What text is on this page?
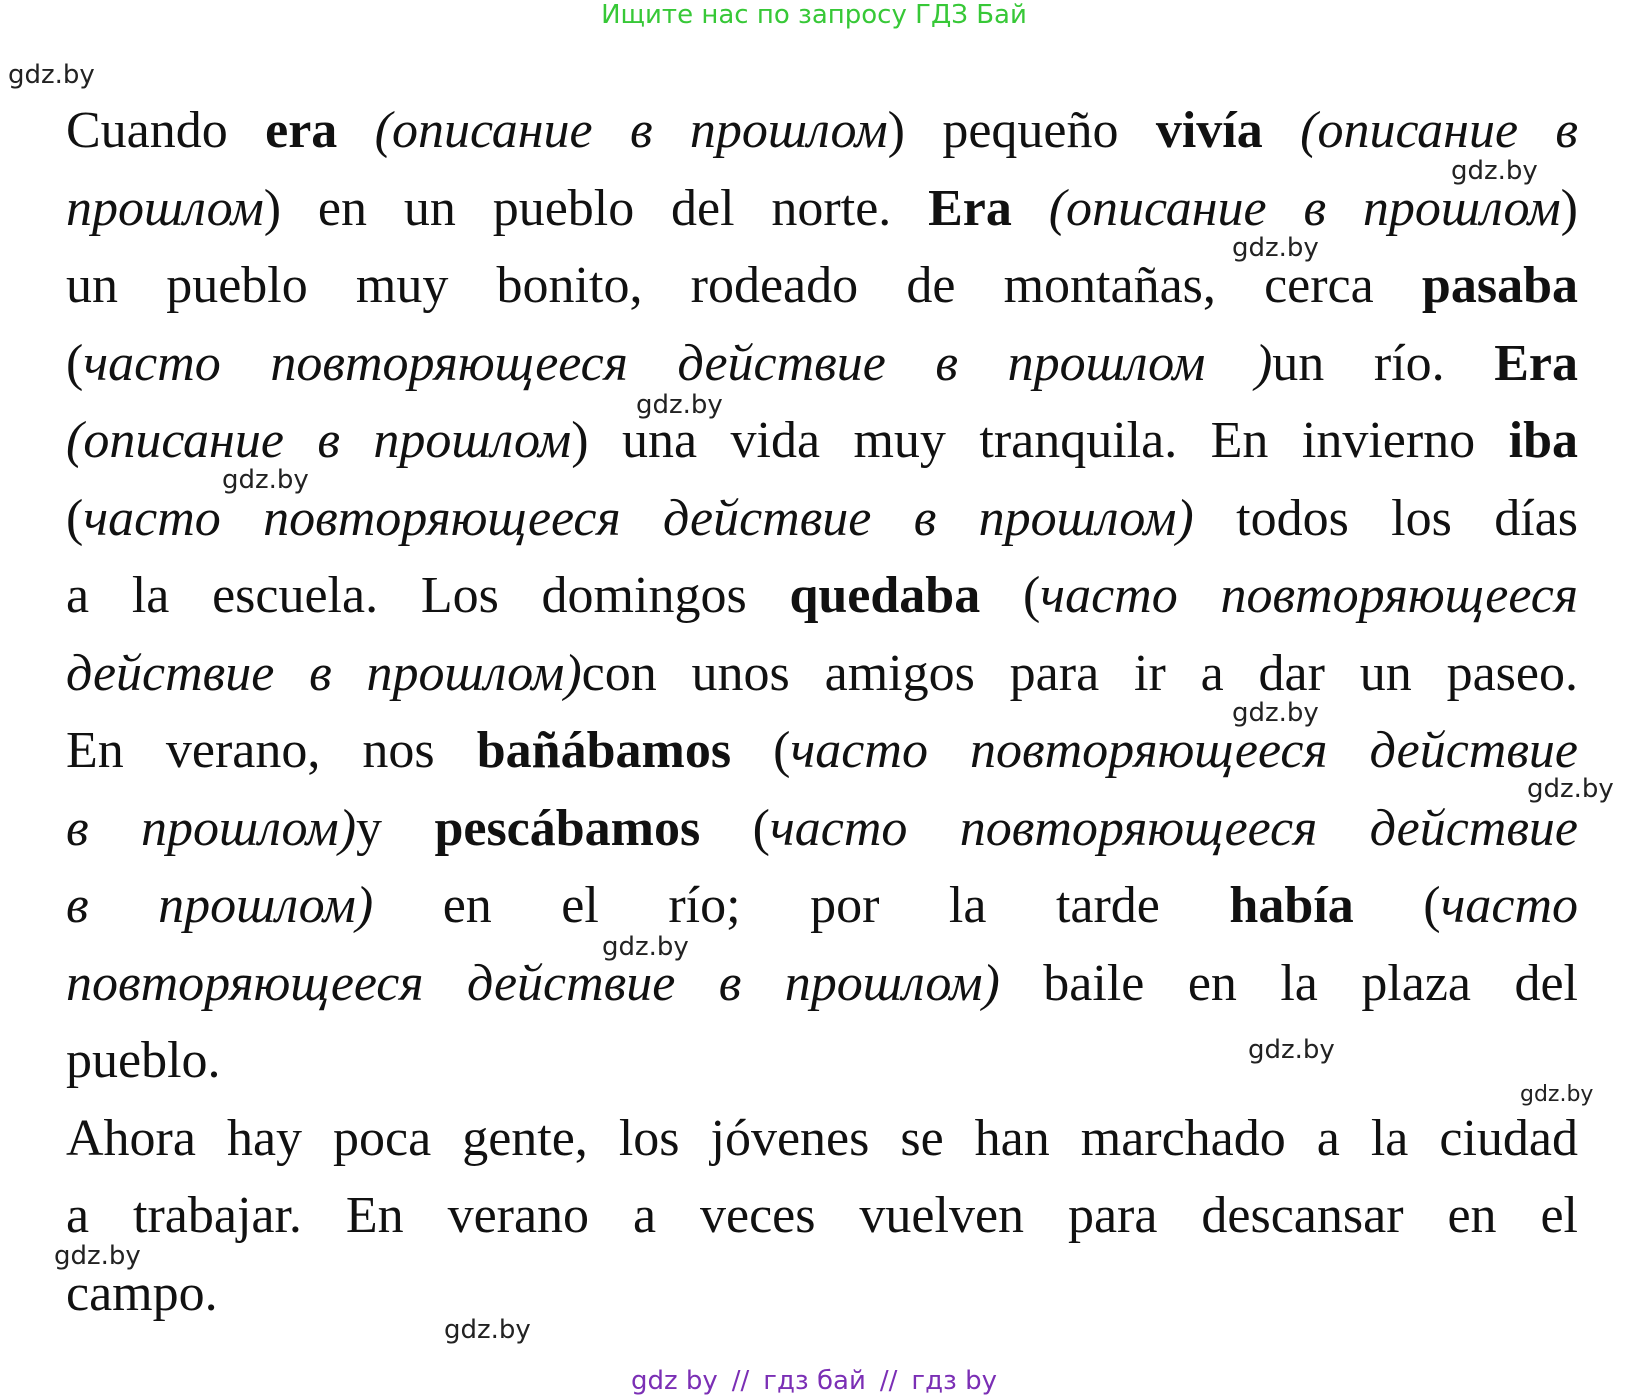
Ищите нас по запросу ГДЗ Бай
gdz.by
gdz.by
gdz.by
gdz.by
gdz.by
gdz.by
gdz.by
gdz.by
gdz.by
gdz.by
gdz.by
gdz.by
Cuando era (описание в прошлом) pequeño vivía (описание в
прошлом) en un pueblo del norte. Era (описание в прошлом)
un pueblo muy bonito, rodeado de montañas, cerca pasaba
(часто повторяющееся действие в прошлом )un río. Era
(описание в прошлом) una vida muy tranquila. En invierno iba
(часто повторяющееся действие в прошлом) todos los días
a la escuela. Los domingos quedaba (часто повторяющееся
действие в прошлом)con unos amigos para ir a dar un paseo.
En verano, nos bañábamos (часто повторяющееся действие
в прошлом)y pescábamos (часто повторяющееся действие
в прошлом) en el río; por la tarde había (часто
повторяющееся действие в прошлом) baile en la plaza del
pueblo.
Ahora hay poca gente, los jóvenes se han marchado a la ciudad
a trabajar. En verano a veces vuelven para descansar en el
campo.
gdz by // гдз бай // гдз by
